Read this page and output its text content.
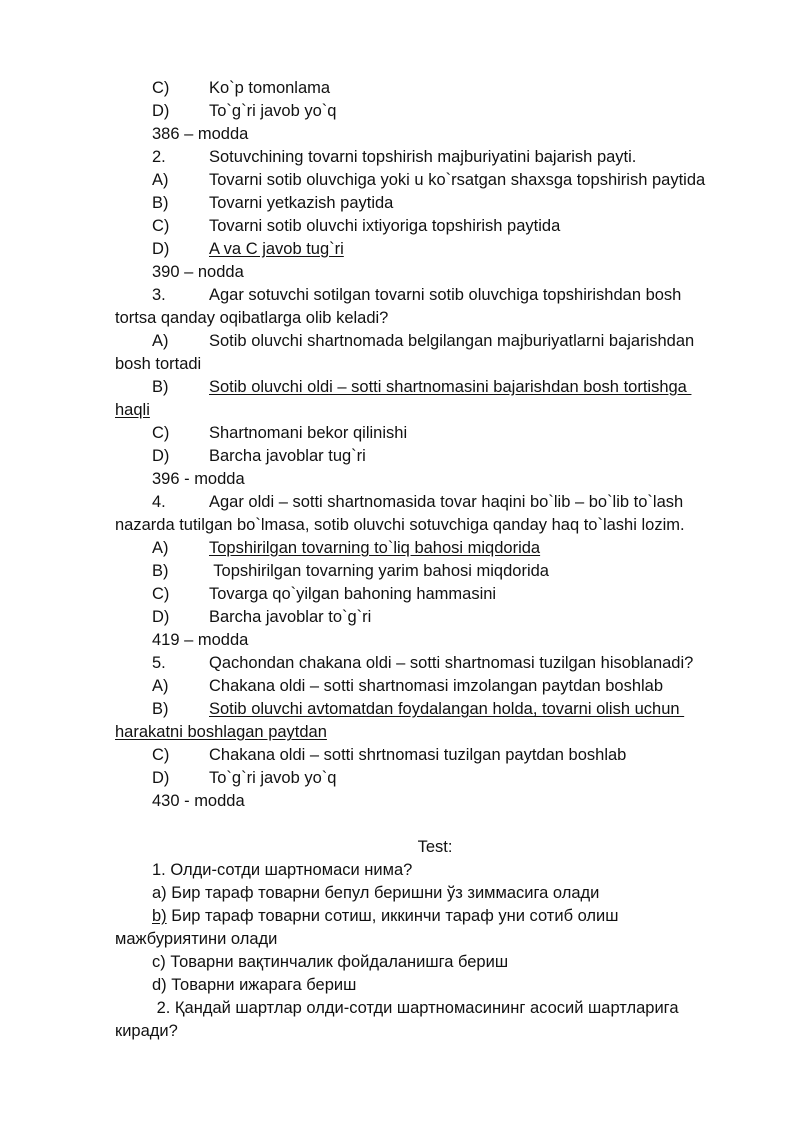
C) Ko`p tomonlama
D) To`g`ri javob yo`q
386 – modda
2.	Sotuvchining tovarni topshirish majburiyatini bajarish payti.
A) Tovarni sotib oluvchiga yoki u ko`rsatgan shaxsga topshirish paytida
B) Tovarni yetkazish paytida
C) Tovarni sotib oluvchi ixtiyoriga topshirish paytida
D) A va C javob tug`ri
390 – nodda
3.	Agar sotuvchi sotilgan tovarni sotib oluvchiga topshirishdan bosh
tortsa qanday oqibatlarga olib keladi?
A) Sotib oluvchi shartnomada belgilangan majburiyatlarni bajarishdan
bosh tortadi
B) Sotib oluvchi oldi – sotti shartnomasini bajarishdan bosh tortishga
haqli
C) Shartnomani bekor qilinishi
D) Barcha javoblar tug`ri
396 - modda
4.	Agar oldi – sotti shartnomasida tovar haqini bo`lib – bo`lib to`lash
nazarda tutilgan bo`lmasa, sotib oluvchi sotuvchiga qanday haq to`lashi lozim.
A) Topshirilgan tovarning to`liq bahosi miqdorida
B) Topshirilgan tovarning yarim bahosi miqdorida
C) Tovarga qo`yilgan bahoning hammasini
D) Barcha javoblar to`g`ri
419 – modda
5.	Qachondan chakana oldi – sotti shartnomasi tuzilgan hisoblanadi?
A) Chakana oldi – sotti shartnomasi imzolangan paytdan boshlab
B) Sotib oluvchi avtomatdan foydalangan holda, tovarni olish uchun
harakatni boshlagan paytdan
C) Chakana oldi – sotti shrtnomasi tuzilgan paytdan boshlab
D) To`g`ri javob yo`q
430 - modda
Test:
1. Олди-сотди шартномаси нима?
a) Бир тараф товарни бепул беришни ўз зиммасига олади
b) Бир тараф товарни сотиш, иккинчи тараф уни сотиб олиш
мажбуриятини олади
c) Товарни вақтинчалик фойдаланишга бериш
d) Товарни ижарага бериш
2. Қандай шартлар олди-сотди шартномасининг асосий шартларига
киради?
